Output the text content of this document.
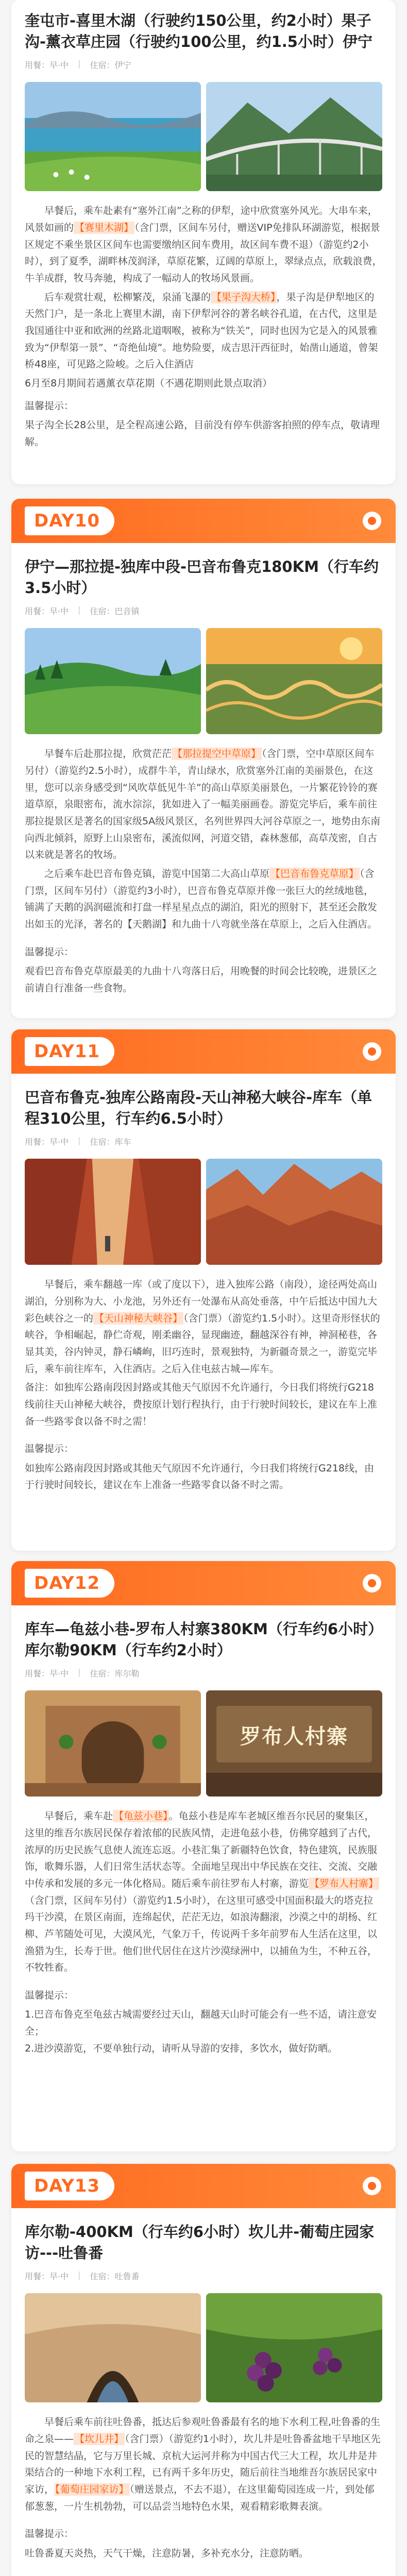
奎屯市-喜里木湖（行驶约150公里，约2小时）果子沟-薰衣草庄园（行驶约100公里，约1.5小时）伊宁
用餐：早·中 | 住宿：伊宁

早餐后，乘车赴素有“塞外江南”之称的伊犁，途中欣赏塞外风光。大串车来，风景如画的 【赛里木湖】 （含门票，区间车另付，赠送VIP免排队环湖游览，根据景区规定不乘坐景区区间车也需要缴纳区间车费用，故区间车费不退）（游览约2小时），到了夏季，湖畔林茂润泽，草原花繁，辽阔的草原上，翠绿点点，欣载浪费，牛羊成群，牧马奔驰，构成了一幅动人的牧场风景画。

后车观赏壮观，松柳繁茂，泉涌飞瀑的 【果子沟大桥】 ，果子沟是伊犁地区的天然门户，是一条北上赛里木湖，南下伊犁河谷的著名峡谷孔道，在古代，这里是我国通往中亚和欧洲的丝路北道咽喉，被称为“铁关”，同时也因为它是入的风景雅致为“伊犁第一景”、“奇绝仙境”。地势险要，成吉思汗西征时，始凿山通道，曾架桥48座，可见路之险峻。之后入住酒店

6月至8月期间若遇薰衣草花期（不遇花期则此景点取消）

温馨提示：
果子沟全长28公里，是全程高速公路，目前没有停车供游客拍照的停车点，敬请理解。
DAY10
伊宁—那拉提-独库中段-巴音布鲁克180KM（行车约3.5小时）
用餐：早·中 | 住宿：巴音镇

早餐车后赴那拉提，欣赏茫茫 【那拉提空中草原】 （含门票，空中草原区间车另付）（游览约2.5小时），成群牛羊，青山绿水，欣赏塞外江南的美丽景色，在这里，您可以亲身感受到“风吹草低见牛羊”的高山草原美丽景色，一片繁花铃铃的赛道草原，泉眼密布，流水淙淙，犹如进入了一幅美丽画卷。游览完毕后，乘车前往那拉提景区是著名的国家级5A级风景区，名列世界四大河谷草原之一，地势由东南向西北倾斜，原野上山泉密布，溪流似网，河道交错，森林葱郁，高草茂密，自古以来就是著名的牧场。

之后乘车赴巴音布鲁克镇，游览中国第二大高山草原 【巴音布鲁克草原】 （含门票，区间车另付）（游览约3小时），巴音布鲁克草原并像一张巨大的丝绒地毯，铺满了天鹅的涡润磁流和打盘一样星星点点的湖泊，阳光的照射下，甚至还会散发出如玉的光泽，著名的【天鹅湖】和九曲十八弯就坐落在草原上，之后入住酒店。

温馨提示：
观看巴音布鲁克草原最美的九曲十八弯落日后，用晚餐的时间会比较晚，进景区之前请自行准备一些食物。
DAY11
巴音布鲁克-独库公路南段-天山神秘大峡谷-库车（单程310公里，行车约6.5小时）
用餐：早·中 | 住宿：库车

早餐后，乘车翻越一库（或了度以下），进入独库公路（南段），途径两处高山湖泊，分别称为大、小龙池，另外还有一处瀑布从高处垂落，中午后抵达中国九大彩色峡谷之一的 【天山神秘大峡谷】 （含门票）（游览约1.5小时）。这里奇形怪状的峡谷，争相崛起，静伫奇观，刚柔幽谷，显现幽迹，翻越深谷有神，神洞秘巷，各显其美，谷内钟灵，静石嶙峋，旧巧连时，景观独特，为新疆奇景之一，游览完毕后，乘车前往库车，入住酒店。之后入住电兹古城—库车。

备注：如独库公路南段因封路或其他天气原因不允许通行，今日我们将统行G218线前往天山神秘大峡谷，费按原计划行程执行，由于行驶时间较长，建议在车上准备一些路零食以备不时之需！

温馨提示：
如独库公路南段因封路或其他天气原因不允许通行，今日我们将统行G218线，由于行驶时间较长，建议在车上准备一些路零食以备不时之需。
DAY12
库车—龟兹小巷-罗布人村寨380KM（行车约6小时）库尔勒90KM（行车约2小时）
用餐：早·中 | 住宿：库尔勒
罗布人村寨

早餐后，乘车赴 【龟兹小巷】 。龟兹小巷是库车老城区维吾尔民居的聚集区，这里的维吾尔族居民保存着浓郁的民族风情，走进龟兹小巷，仿佛穿越到了古代，浓厚的历史民族气息使人流连忘返。小巷汇集了新疆特色饮食，特色建筑，民族服饰，歌舞乐器，人们日常生活状态等。全面地呈现出中华民族在交往、交流、交融中传承和发展的多元一体化格局。随后乘车前往罗布人村寨，游览 【罗布人村寨】（含门票，区间车另付）（游览约1.5小时），在这里可感受中国面积最大的塔克拉玛干沙漠，在景区南面，连绵起伏，茫茫无边，如浪涛翻滚，沙漠之中的胡杨、红柳、芦苇随处可见，大漠风光，气象万千，传说两千多年前罗布人生活在这里，以渔猎为生，长寿于世。他们世代居住在这片沙漠绿洲中，以捕鱼为生，不种五谷，不牧牲畜。

温馨提示：
1.巴音布鲁克至龟兹古城需要经过天山，翻越天山时可能会有一些不适，请注意安全；
2.进沙漠游览，不要单独行动，请听从导游的安排，多饮水，做好防晒。
DAY13
库尔勒-400KM（行车约6小时）坎儿井-葡萄庄园家访---吐鲁番
用餐：早·中 | 住宿：吐鲁番

早餐后乘车前往吐鲁番，抵达后参观吐鲁番最有名的地下水利工程,吐鲁番的生命之泉—— 【坎儿井】 （含门票）（游览约1小时），坎儿井是吐鲁番盆地干旱地区先民的智慧结晶，它与万里长城、京杭大运河并称为中国古代三大工程，坎儿井是井渠结合的一种地下水利工程，已有两千多年历史，随后前往当地维吾尔族居民家中家访， 【葡萄庄园家访】 （赠送景点，不去不退），在这里葡萄园连成一片，到处郁郁葱葱，一片生机勃勃，可以品尝当地特色水果，观看精彩歌舞表演。

温馨提示：
吐鲁番夏天炎热，天气干燥，注意防暑，多补充水分，注意防晒。
